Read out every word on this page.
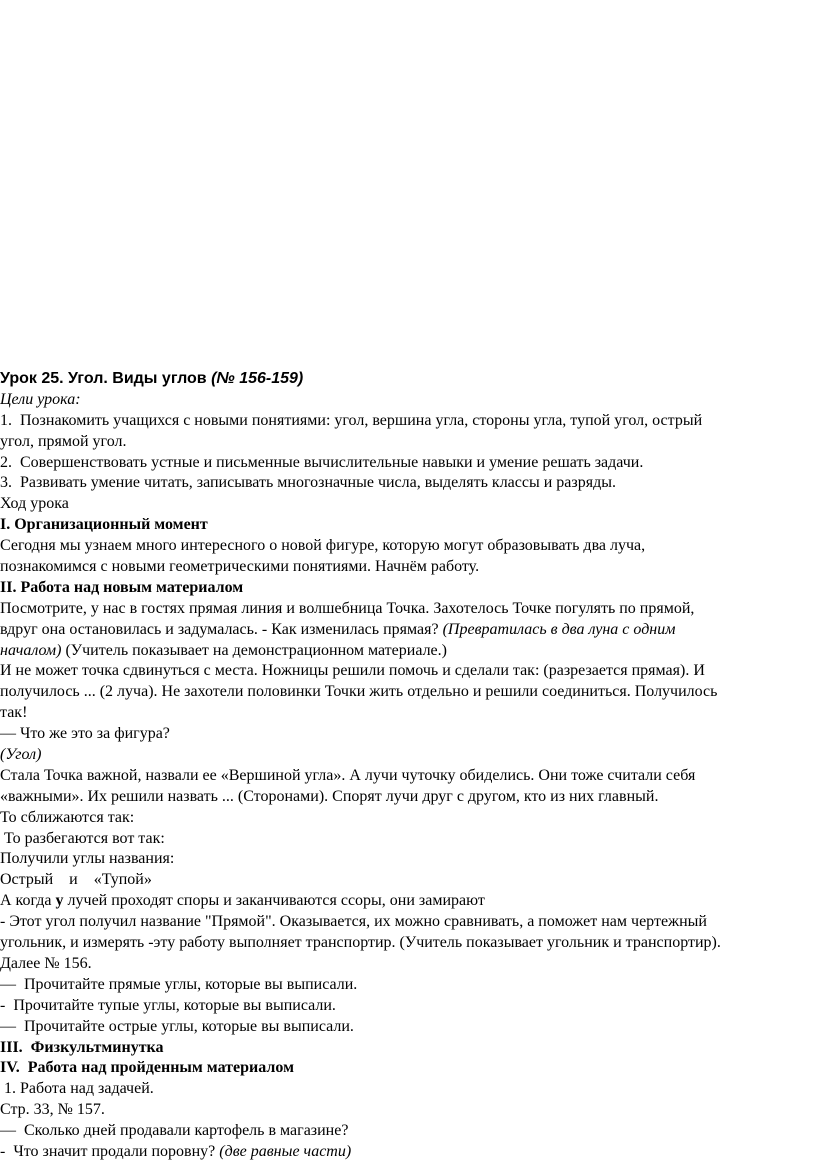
Урок 25. Угол. Виды углов (№ 156-159)
Цели урока:
1.  Познакомить учащихся с новыми понятиями: угол, вершина угла, стороны угла, тупой угол, острый
угол, прямой угол.
2.  Совершенствовать устные и письменные вычислительные навыки и умение решать задачи.
3.  Развивать умение читать, записывать многозначные числа, выделять классы и разряды.
Ход урока
I. Организационный момент
Сегодня мы узнаем много интересного о новой фигуре, которую могут образовывать два луча,
познакомимся с новыми геометрическими понятиями. Начнём работу.
II. Работа над новым материалом
Посмотрите, у нас в гостях прямая линия и волшебница Точка. Захотелось Точке погулять по прямой,
вдруг она остановилась и задумалась. - Как изменилась прямая? (Превратилась в два луна с одним
началом) (Учитель показывает на демонстрационном материале.)
И не может точка сдвинуться с места. Ножницы решили помочь и сделали так: (разрезается прямая). И
получилось ... (2 луча). Не захотели половинки Точки жить отдельно и решили соединиться. Получилось
так!
— Что же это за фигура?
(Угол)
Стала Точка важной, назвали ее «Вершиной угла». А лучи чуточку обиделись. Они тоже считали себя
«важными». Их решили назвать ... (Сторонами). Спорят лучи друг с другом, кто из них главный.
То сближаются так:
То разбегаются вот так:
Получили углы названия:
Острый    и    «Тупой»
А когда у лучей проходят споры и заканчиваются ссоры, они замирают
- Этот угол получил название "Прямой". Оказывается, их можно сравнивать, а поможет нам чертежный
угольник, и измерять -эту работу выполняет транспортир. (Учитель показывает угольник и транспортир).
Далее № 156.
—  Прочитайте прямые углы, которые вы выписали.
-  Прочитайте тупые углы, которые вы выписали.
—  Прочитайте острые углы, которые вы выписали.
III.  Физкультминутка
IV.  Работа над пройденным материалом
1. Работа над задачей.
Стр. 33, № 157.
—  Сколько дней продавали картофель в магазине?
-  Что значит продали поровну? (две равные части)
